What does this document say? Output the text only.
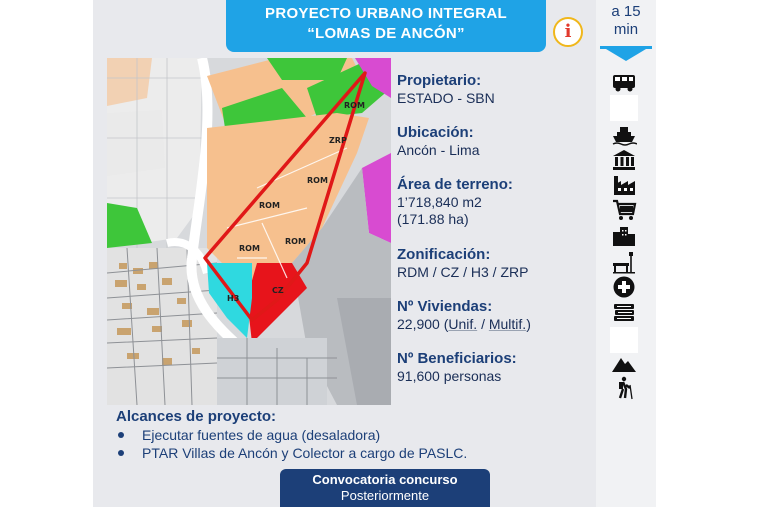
PROYECTO URBANO INTEGRAL
“LOMAS DE ANCÓN”	i
a 15
min
ROM
ROM
ROM
ROM
ROM
ZRP
H3
CZ
Propietario:
ESTADO - SBN
Ubicación:
Ancón - Lima
Área de terreno:
1’718,840 m2
(171.88 ha)
Zonificación:
RDM / CZ / H3 / ZRP
Nº Viviendas:
22,900 (Unif. / Multif.)
Nº Beneficiarios:
91,600 personas
Alcances de proyecto:
Ejecutar fuentes de agua (desaladora)
PTAR Villas de Ancón y Colector a cargo de PASLC.
Convocatoria concurso
Posteriormente
